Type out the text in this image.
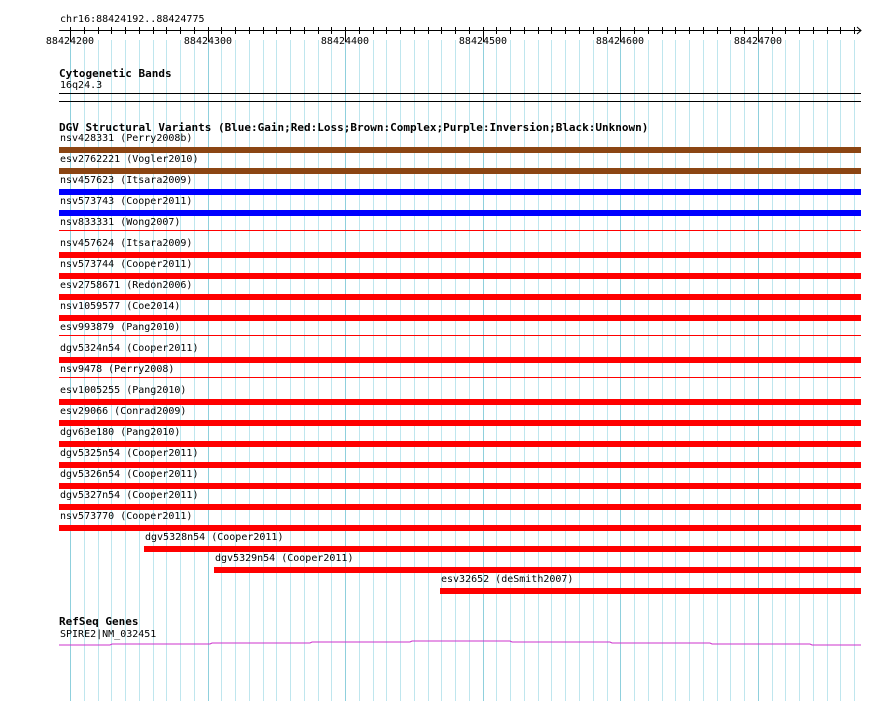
88424200	88424300	88424400	88424500	88424600	88424700
chr16:88424192..88424775
Cytogenetic Bands
16q24.3
DGV Structural Variants (Blue:Gain;Red:Loss;Brown:Complex;Purple:Inversion;Black:Unknown)
nsv428331 (Perry2008b)
esv2762221 (Vogler2010)
nsv457623 (Itsara2009)
nsv573743 (Cooper2011)
nsv833331 (Wong2007)
nsv457624 (Itsara2009)
nsv573744 (Cooper2011)
esv2758671 (Redon2006)
nsv1059577 (Coe2014)
esv993879 (Pang2010)
dgv5324n54 (Cooper2011)
nsv9478 (Perry2008)
esv1005255 (Pang2010)
esv29066 (Conrad2009)
dgv63e180 (Pang2010)
dgv5325n54 (Cooper2011)
dgv5326n54 (Cooper2011)
dgv5327n54 (Cooper2011)
nsv573770 (Cooper2011)
dgv5328n54 (Cooper2011)
dgv5329n54 (Cooper2011)
esv32652 (deSmith2007)
RefSeq Genes
SPIRE2|NM_032451
